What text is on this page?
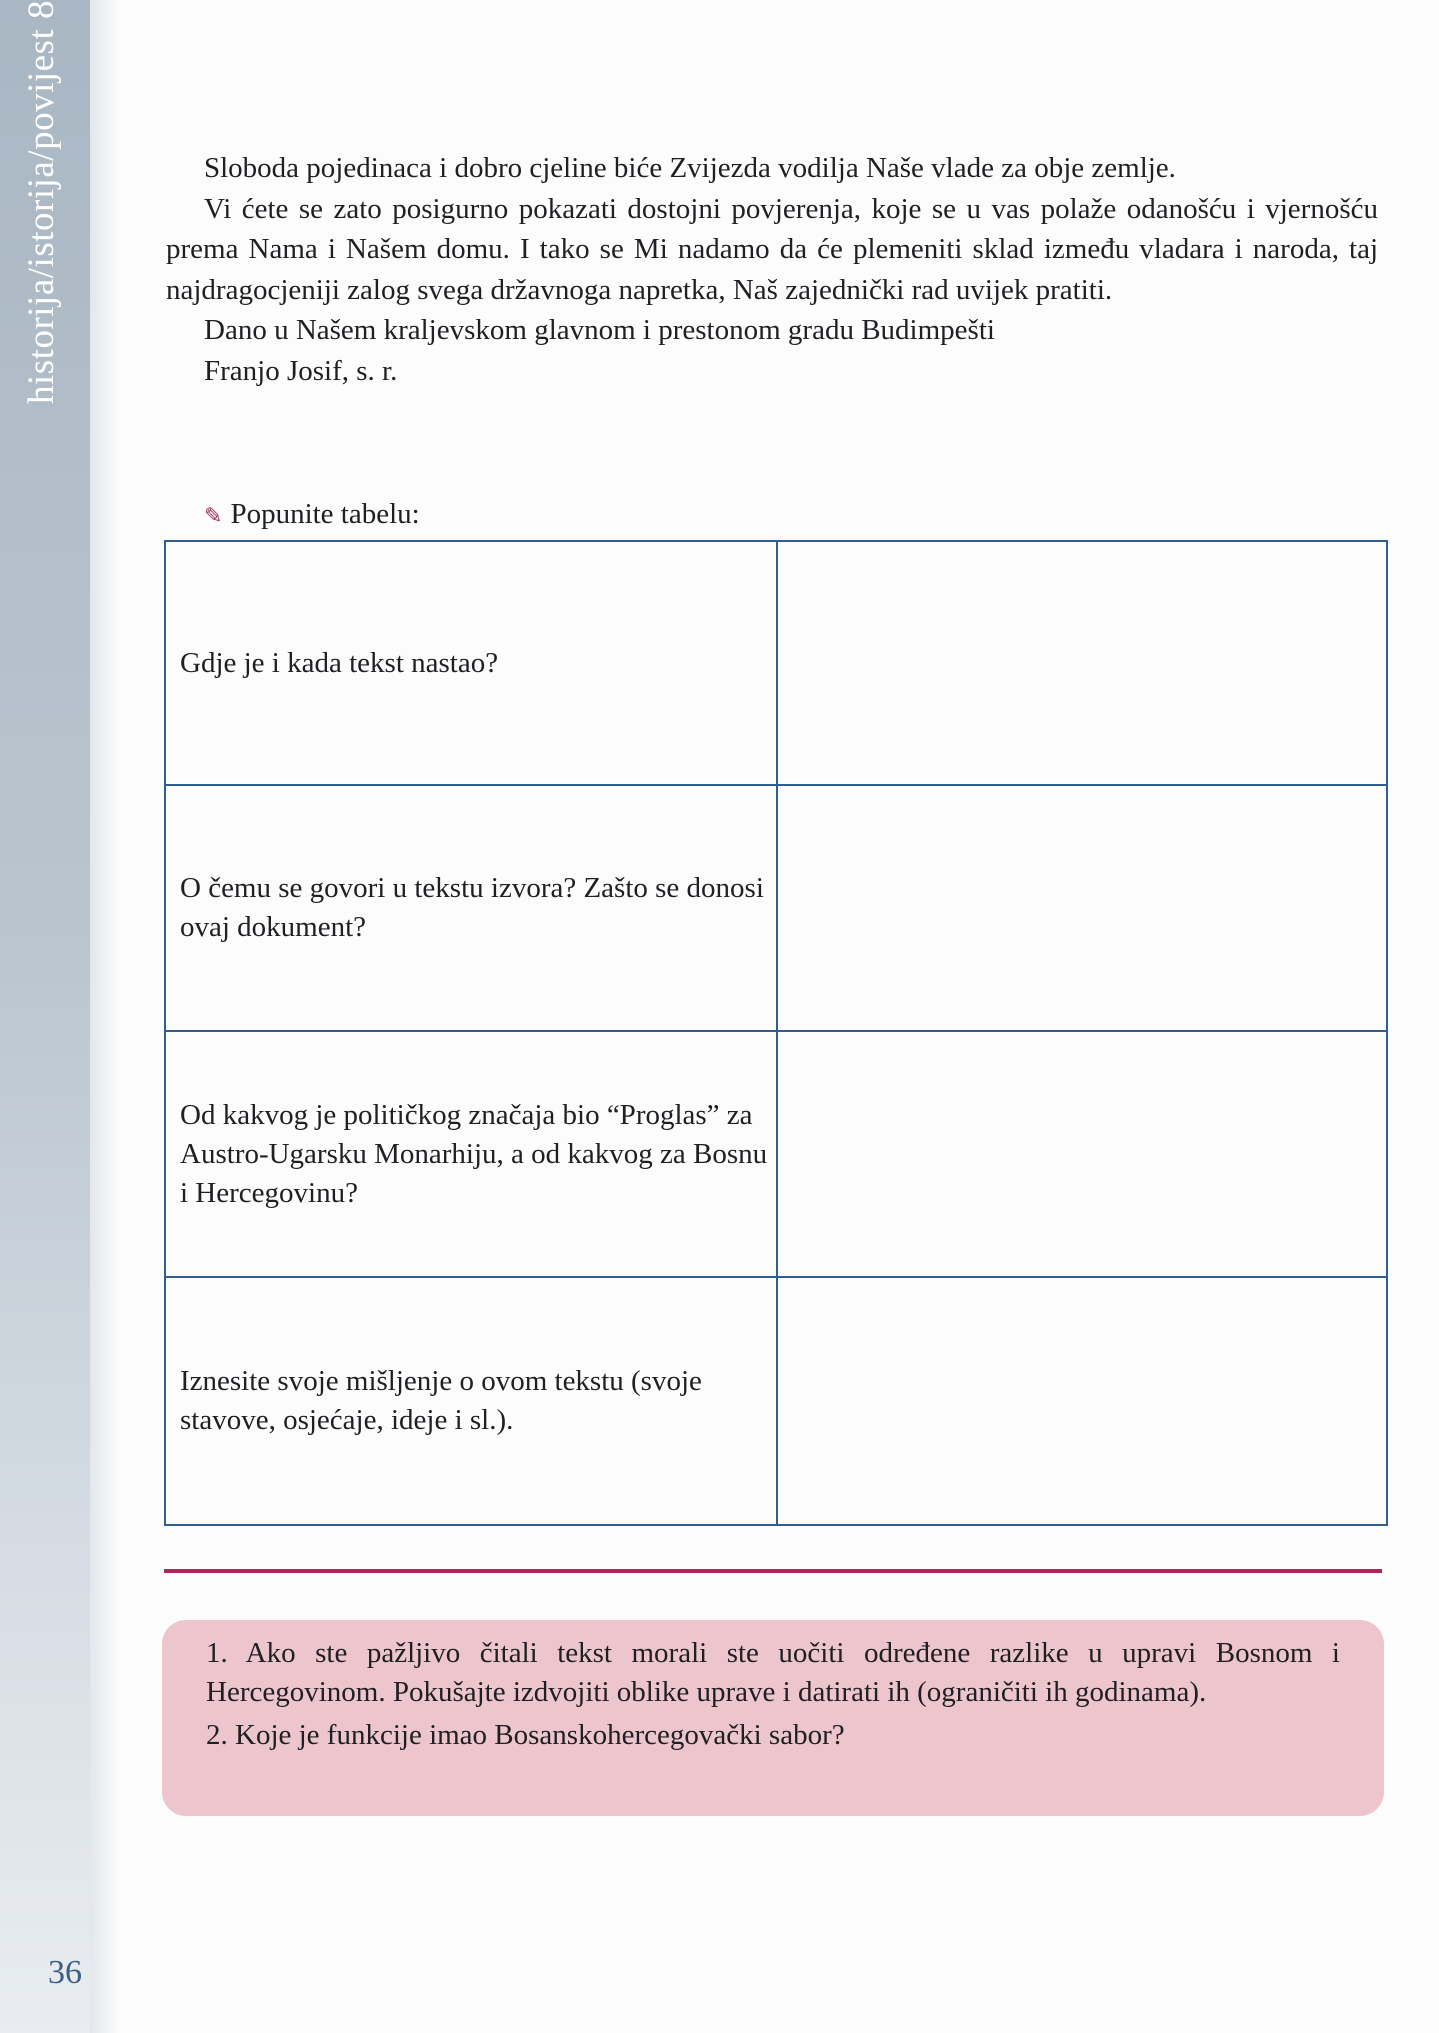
historija/istorija/povijest 8	Sloboda pojedinaca i dobro cjeline biće Zvijezda vodilja Naše vlade za obje zemlje.

Vi ćete se zato posigurno pokazati dostojni povjerenja, koje se u vas polaže odanošću i vjernošću prema Nama i Našem domu. I tako se Mi nadamo da će plemeniti sklad između vladara i naroda, taj najdragocjeniji zalog svega državnoga napretka, Naš zajednički rad uvijek pratiti.

Dano u Našem kraljevskom glavnom i prestonom gradu Budimpešti

Franjo Josif, s. r.

✎ Popunite tabelu:
Gdje je i kada tekst nastao?	
O čemu se govori u tekstu izvora? Zašto se donosi ovaj dokument?	
Od kakvog je političkog značaja bio “Proglas” za Austro-Ugarsku Monarhiju, a od kakvog za Bosnu i Hercegovinu?	
Iznesite svoje mišljenje o ovom tekstu (svoje stavove, osjećaje, ideje i sl.).	
1. Ako ste pažljivo čitali tekst morali ste uočiti određene razlike u upravi Bosnom i Hercegovinom. Pokušajte izdvojiti oblike uprave i datirati ih (ograničiti ih godinama).
2. Koje je funkcije imao Bosanskohercegovački sabor?
36
